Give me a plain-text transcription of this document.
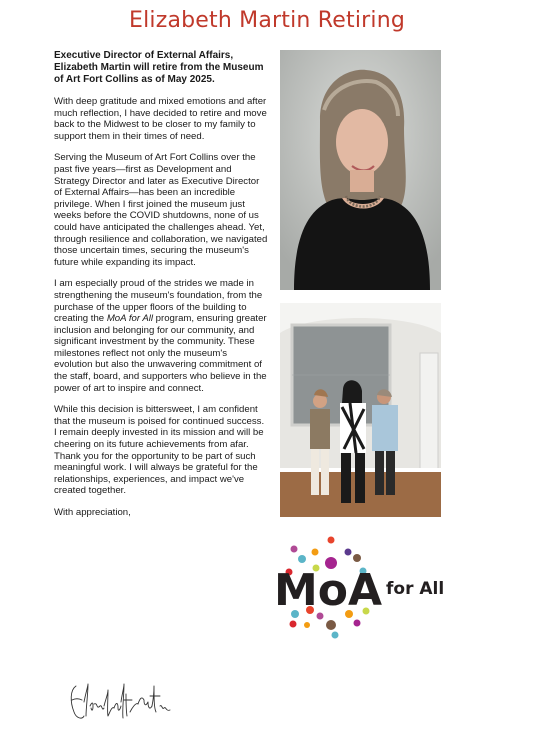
Elizabeth Martin Retiring

Executive Director of External Affairs, Elizabeth Martin will retire from the Museum of Art Fort Collins as of May 2025.

With deep gratitude and mixed emotions and after much reflection, I have decided to retire and move back to the Midwest to be closer to my family to support them in their times of need.

Serving the Museum of Art Fort Collins over the past five years—first as Development and Strategy Director and later as Executive Director of External Affairs—has been an incredible privilege. When I first joined the museum just weeks before the COVID shutdowns, none of us could have anticipated the challenges ahead. Yet, through resilience and collaboration, we navigated those uncertain times, securing the museum's future while expanding its impact.

I am especially proud of the strides we made in strengthening the museum's foundation, from the purchase of the upper floors of the building to creating the MoA for All program, ensuring greater inclusion and belonging for our community, and significant investment by the community. These milestones reflect not only the museum's evolution but also the unwavering commitment of the staff, board, and supporters who believe in the power of art to inspire and connect.

While this decision is bittersweet, I am confident that the museum is poised for continued success. I remain deeply invested in its mission and will be cheering on its future achievements from afar. Thank you for the opportunity to be part of such meaningful work. I will always be grateful for the relationships, experiences, and impact we've created together.

With appreciation,

MoA for All
